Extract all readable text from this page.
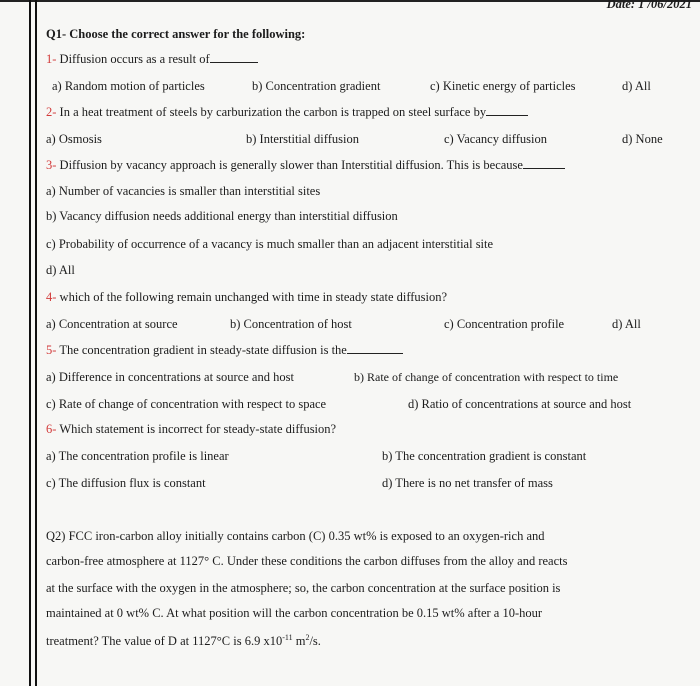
Date: 1 /06/2021
Q1- Choose the correct answer for the following:
1- Diffusion occurs as a result of
a) Random motion of particles	b) Concentration gradient	c) Kinetic energy of particles	d) All
2- In a heat treatment of steels by carburization the carbon is trapped on steel surface by
a) Osmosis	b) Interstitial diffusion	c) Vacancy diffusion	d) None
3- Diffusion by vacancy approach is generally slower than Interstitial diffusion. This is because
a) Number of vacancies is smaller than interstitial sites
b) Vacancy diffusion needs additional energy than interstitial diffusion
c) Probability of occurrence of a vacancy is much smaller than an adjacent interstitial site
d) All
4- which of the following remain unchanged with time in steady state diffusion?
a) Concentration at source	b) Concentration of host	c) Concentration profile	d) All
5- The concentration gradient in steady-state diffusion is the
a) Difference in concentrations at source and host	b) Rate of change of concentration with respect to time
c) Rate of change of concentration with respect to space	d) Ratio of concentrations at source and host
6- Which statement is incorrect for steady-state diffusion?
a) The concentration profile is linear	b) The concentration gradient is constant
c) The diffusion flux is constant	d) There is no net transfer of mass
Q2) FCC iron-carbon alloy initially contains carbon (C) 0.35 wt% is exposed to an oxygen-rich and
carbon-free atmosphere at 1127° C. Under these conditions the carbon diffuses from the alloy and reacts
at the surface with the oxygen in the atmosphere; so, the carbon concentration at the surface position is
maintained at 0 wt% C. At what position will the carbon concentration be 0.15 wt% after a 10-hour
treatment? The value of D at 1127°C is 6.9 $x10^{-11}$ $m^2/s$.
